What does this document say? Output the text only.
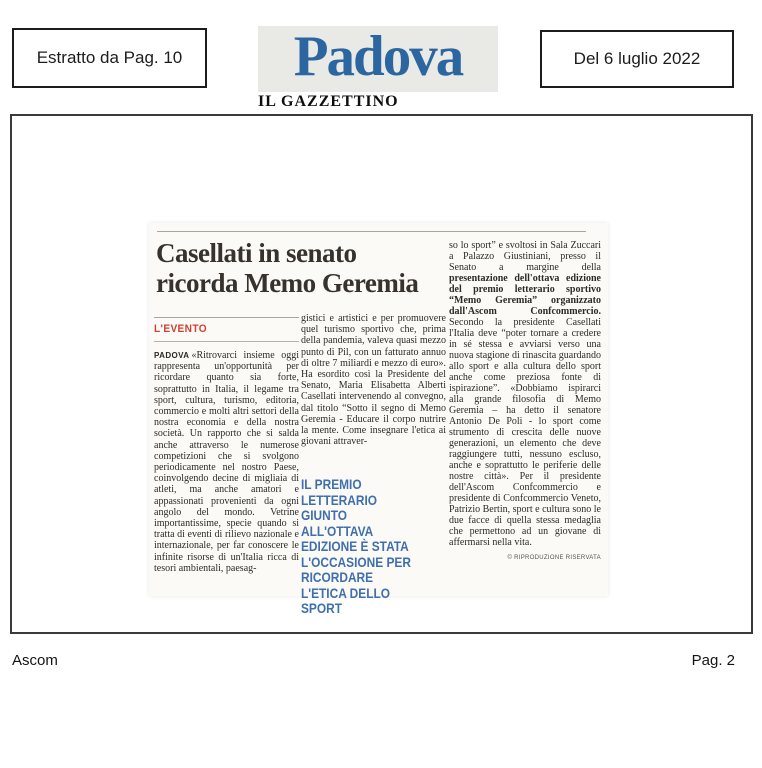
Estratto da Pag. 10	Padova
IL GAZZETTINO
Del 6 luglio 2022
Casellati in senato
ricorda Memo Geremia
L'EVENTO
PADOVA «Ritrovarci insieme oggi rappresenta un'opportunità per ricordare quanto sia forte, soprattutto in Italia, il legame tra sport, cultura, turismo, editoria, commercio e molti altri settori della nostra economia e della nostra società. Un rapporto che si salda anche attraverso le numerose competizioni che si svolgono periodicamente nel nostro Paese, coinvolgendo decine di migliaia di atleti, ma anche amatori e appassionati provenienti da ogni angolo del mondo. Vetrine importantissime, specie quando si tratta di eventi di rilievo nazionale e internazionale, per far conoscere le infinite risorse di un'Italia ricca di tesori ambientali, paesag-
gistici e artistici e per promuovere quel turismo sportivo che, prima della pandemia, valeva quasi mezzo punto di Pil, con un fatturato annuo di oltre 7 miliardi e mezzo di euro». Ha esordito così la Presidente del Senato, Maria Elisabetta Alberti Casellati intervenendo al convegno, dal titolo “Sotto il segno di Memo Geremia - Educare il corpo nutrire la mente. Come insegnare l'etica ai giovani attraver-
IL PREMIO LETTERARIO GIUNTO ALL'OTTAVA EDIZIONE È STATA L'OCCASIONE PER RICORDARE L'ETICA DELLO SPORT
so lo sport” e svoltosi in Sala Zuccari a Palazzo Giustiniani, presso il Senato a margine della presentazione dell'ottava edizione del premio letterario sportivo “Memo Geremia” organizzato dall'Ascom Confcommercio. Secondo la presidente Casellati l'Italia deve “poter tornare a credere in sé stessa e avviarsi verso una nuova stagione di rinascita guardando allo sport e alla cultura dello sport anche come preziosa fonte di ispirazione”. «Dobbiamo ispirarci alla grande filosofia di Memo Geremia – ha detto il senatore Antonio De Poli - lo sport come strumento di crescita delle nuove generazioni, un elemento che deve raggiungere tutti, nessuno escluso, anche e soprattutto le periferie delle nostre città». Per il presidente dell'Ascom Confcommercio e presidente di Confcommercio Veneto, Patrizio Bertin, sport e cultura sono le due facce di quella stessa medaglia che permettono ad un giovane di affermarsi nella vita.
© RIPRODUZIONE RISERVATA
Ascom	Pag. 2
